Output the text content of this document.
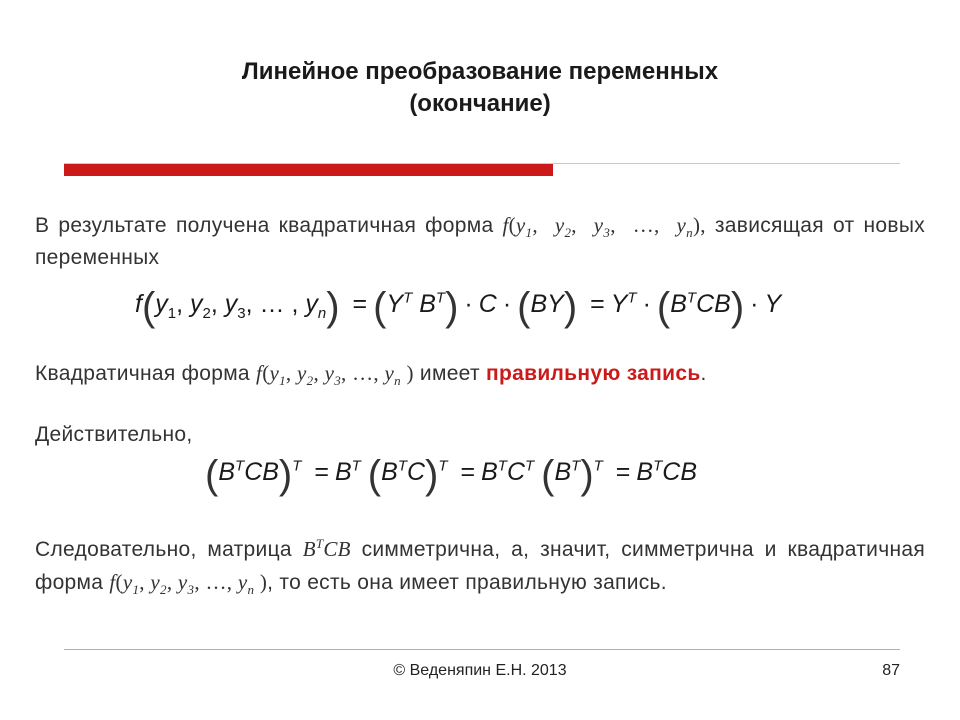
Линейное преобразование переменных
(окончание)
В результате получена квадратичная форма $f(y_1$,  $y_2$,  $y_3$,  …,  $y_n$), зависящая от новых переменных
$f(y_1$, $y_2$, $y_3$, … , $y_n) = (Y^T$ $B^T) \cdot C \cdot (BY) = Y^T \cdot (B^TCB) \cdot Y$
Квадратичная форма $f(y_1$, $y_2$, $y_3$, …, $y_n$ ) имеет правильную запись.
Действительно,
$(B^TCB)^T = B^T$ $(B^TC)^T = B^TC^T$ $(B^T)^T = B^TCB$
Следовательно, матрица $B^TCB$ симметрична, а, значит, симметрична и квадратичная форма $f(y_1$, $y_2$, $y_3$, …, $y_n$ ), то есть она имеет правильную запись.
© Веденяпин Е.Н. 2013	87
